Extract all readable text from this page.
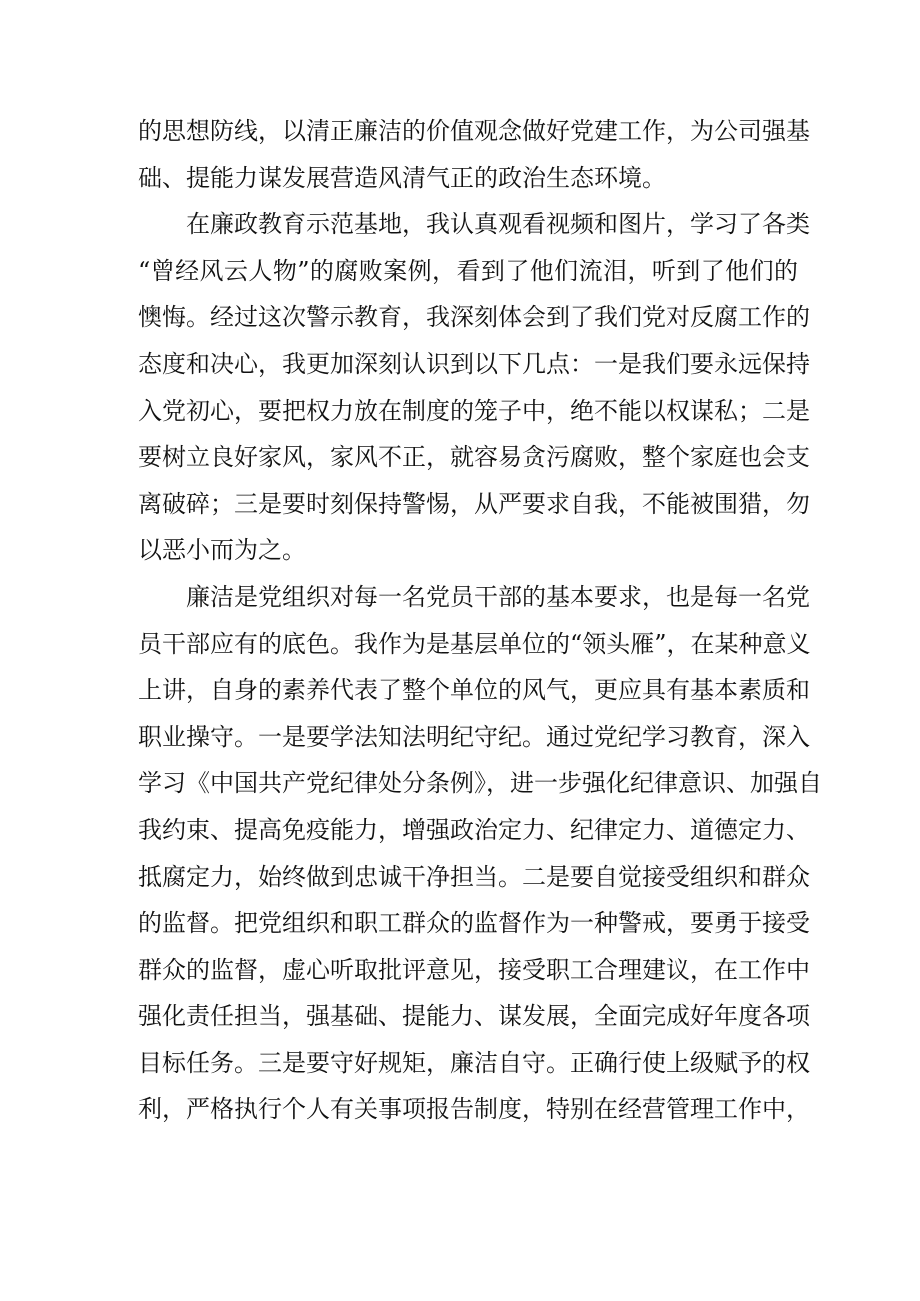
的思想防线，以清正廉洁的价值观念做好党建工作，为公司强基
础、提能力谋发展营造风清气正的政治生态环境。
在廉政教育示范基地，我认真观看视频和图片，学习了各类
“曾经风云人物”的腐败案例，看到了他们流泪，听到了他们的
懊悔。经过这次警示教育，我深刻体会到了我们党对反腐工作的
态度和决心，我更加深刻认识到以下几点：一是我们要永远保持
入党初心，要把权力放在制度的笼子中，绝不能以权谋私；二是
要树立良好家风，家风不正，就容易贪污腐败，整个家庭也会支
离破碎；三是要时刻保持警惕，从严要求自我，不能被围猎，勿
以恶小而为之。
廉洁是党组织对每一名党员干部的基本要求，也是每一名党
员干部应有的底色。我作为是基层单位的“领头雁”，在某种意义
上讲，自身的素养代表了整个单位的风气，更应具有基本素质和
职业操守。一是要学法知法明纪守纪。通过党纪学习教育，深入
学习《中国共产党纪律处分条例》，进一步强化纪律意识、加强自
我约束、提高免疫能力，增强政治定力、纪律定力、道德定力、
抵腐定力，始终做到忠诚干净担当。二是要自觉接受组织和群众
的监督。把党组织和职工群众的监督作为一种警戒，要勇于接受
群众的监督，虚心听取批评意见，接受职工合理建议，在工作中
强化责任担当，强基础、提能力、谋发展，全面完成好年度各项
目标任务。三是要守好规矩，廉洁自守。正确行使上级赋予的权
利，严格执行个人有关事项报告制度，特别在经营管理工作中，
